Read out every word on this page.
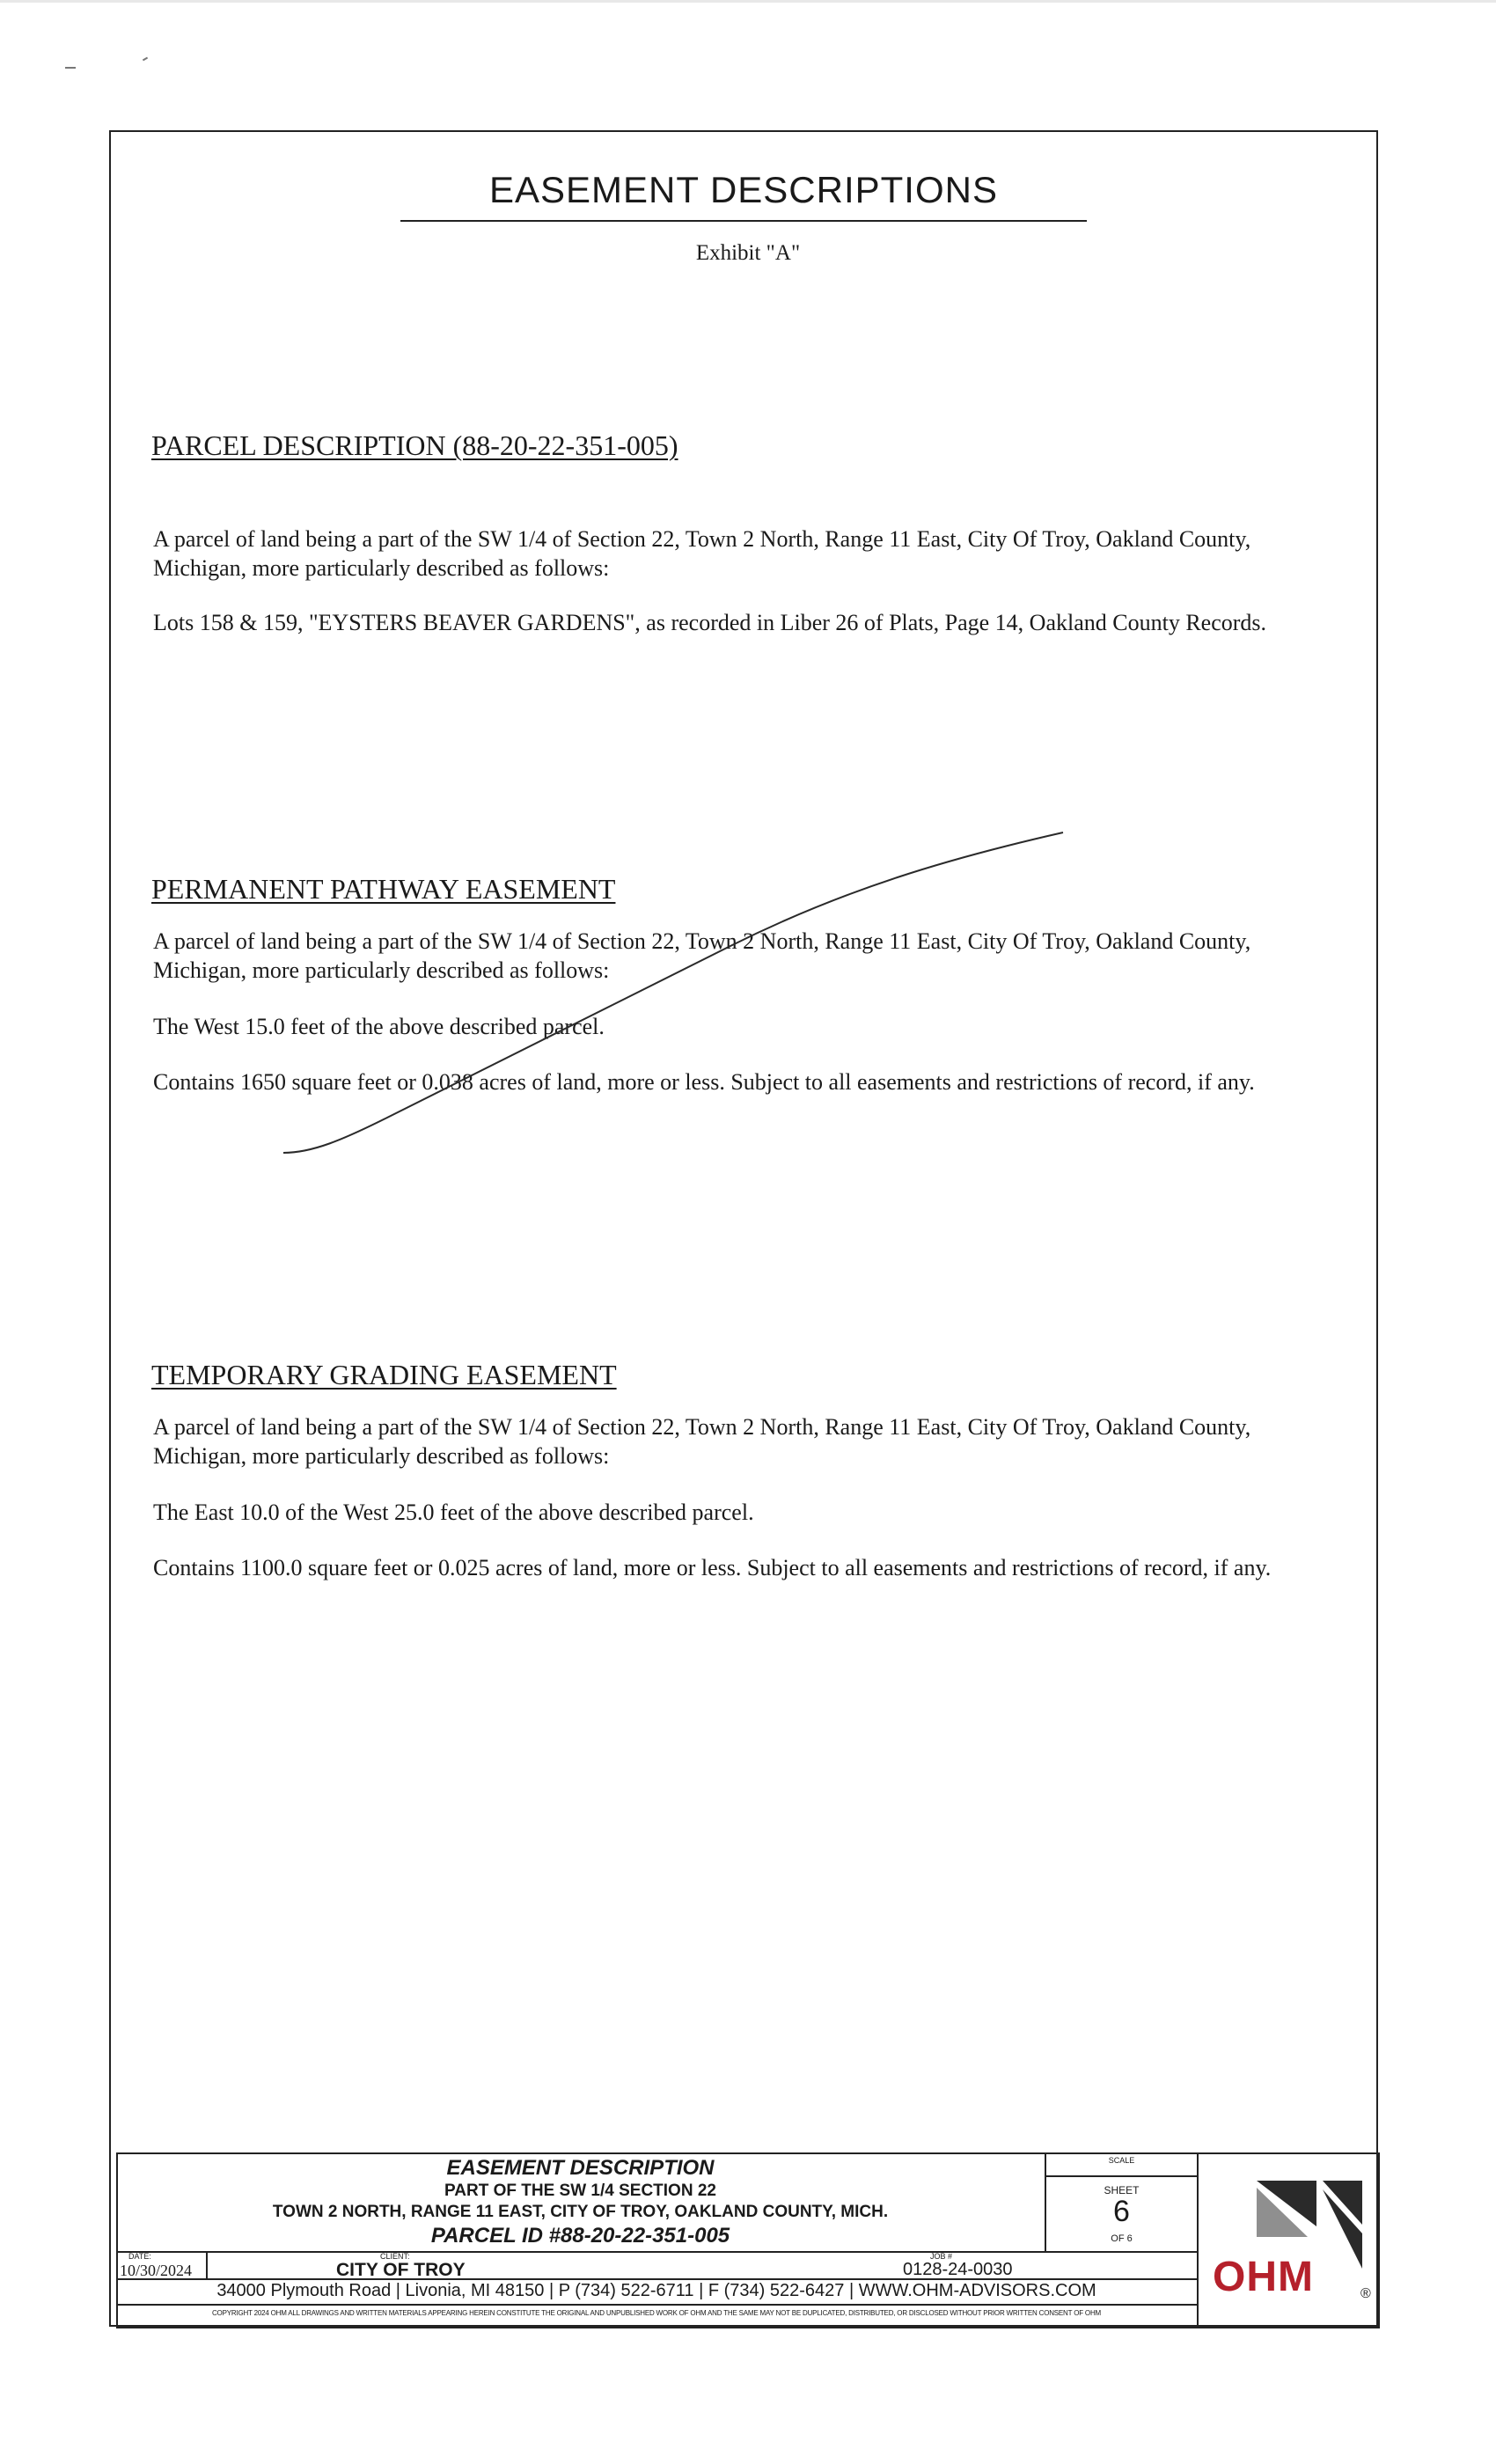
EASEMENT DESCRIPTIONS

Exhibit "A"

PARCEL DESCRIPTION (88-20-22-351-005)

A parcel of land being a part of the SW 1/4 of Section 22, Town 2 North, Range 11 East, City Of Troy, Oakland County, Michigan, more particularly described as follows:

Lots 158 & 159, "EYSTERS BEAVER GARDENS", as recorded in Liber 26 of Plats, Page 14, Oakland County Records.

PERMANENT PATHWAY EASEMENT

A parcel of land being a part of the SW 1/4 of Section 22, Town 2 North, Range 11 East, City Of Troy, Oakland County, Michigan, more particularly described as follows:

The West 15.0 feet of the above described parcel.

Contains 1650 square feet or 0.038 acres of land, more or less. Subject to all easements and restrictions of record, if any.

TEMPORARY GRADING EASEMENT

A parcel of land being a part of the SW 1/4 of Section 22, Town 2 North, Range 11 East, City Of Troy, Oakland County, Michigan, more particularly described as follows:

The East 10.0 of the West 25.0 feet of the above described parcel.

Contains 1100.0 square feet or 0.025 acres of land, more or less. Subject to all easements and restrictions of record, if any.

EASEMENT DESCRIPTION

PART OF THE SW 1/4 SECTION 22

TOWN 2 NORTH, RANGE 11 EAST, CITY OF TROY, OAKLAND COUNTY, MICH.

PARCEL ID #88-20-22-351-005

SCALE

SHEET

6

OF 6

DATE:

10/30/2024

CLIENT:

CITY OF TROY

JOB #

0128-24-0030

34000 Plymouth Road | Livonia, MI 48150 | P (734) 522-6711 | F (734) 522-6427 | WWW.OHM-ADVISORS.COM

COPYRIGHT 2024 OHM ALL DRAWINGS AND WRITTEN MATERIALS APPEARING HEREIN CONSTITUTE THE ORIGINAL AND UNPUBLISHED WORK OF OHM AND THE SAME MAY NOT BE DUPLICATED, DISTRIBUTED, OR DISCLOSED WITHOUT PRIOR WRITTEN CONSENT OF OHM

OHM	®
